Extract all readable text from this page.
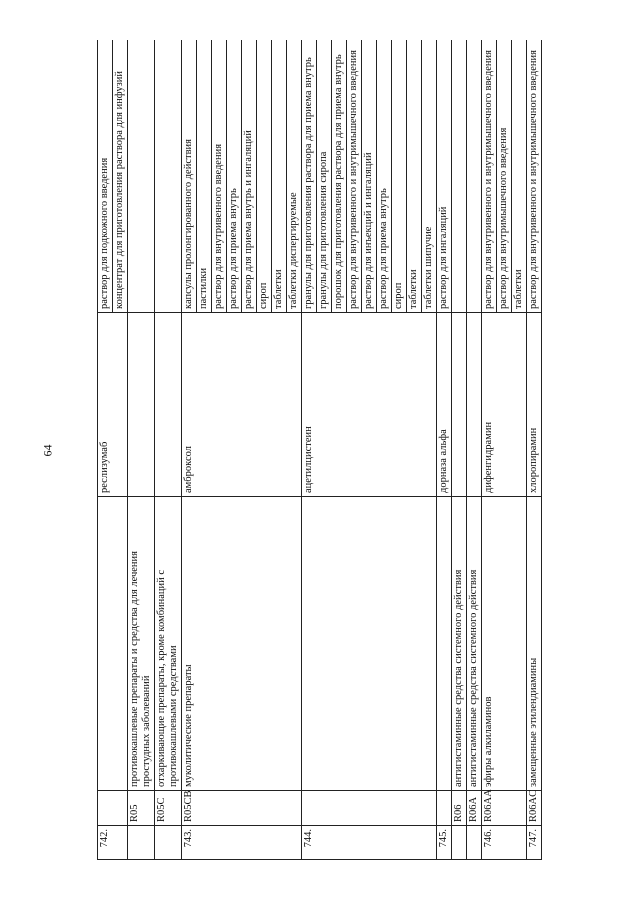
64
742.			реслизумаб	раствор для подкожного введения
				концентрат для приготовления раствора для инфузий
	R05	противокашлевые препараты и средства для лечения простудных заболеваний		
	R05C	отхаркивающие препараты, кроме комбинаций с противокашлевыми средствами		
743.	R05CB	муколитические препараты	амброксол	капсулы пролонгированного действия
				пастилки
				раствор для внутривенного введения
				раствор для приема внутрь
				раствор для приема внутрь и ингаляций
				сироп
				таблетки
				таблетки диспергируемые
744.			ацетилцистеин	гранулы для приготовления раствора для приема внутрь
				гранулы для приготовления сиропа
				порошок для приготовления раствора для приема внутрь
				раствор для внутривенного и внутримышечного введения
				раствор для инъекций и ингаляций
				раствор для приема внутрь
				сироп
				таблетки
				таблетки шипучие
745.			дорназа альфа	раствор для ингаляций
	R06	антигистаминные средства системного действия		
	R06A	антигистаминные средства системного действия		
746.	R06AA	эфиры алкиламинов	дифенгидрамин	раствор для внутривенного и внутримышечного введения
				раствор для внутримышечного введения
				таблетки
747.	R06AC	замещенные этилендиамины	хлоропирамин	раствор для внутривенного и внутримышечного введения
